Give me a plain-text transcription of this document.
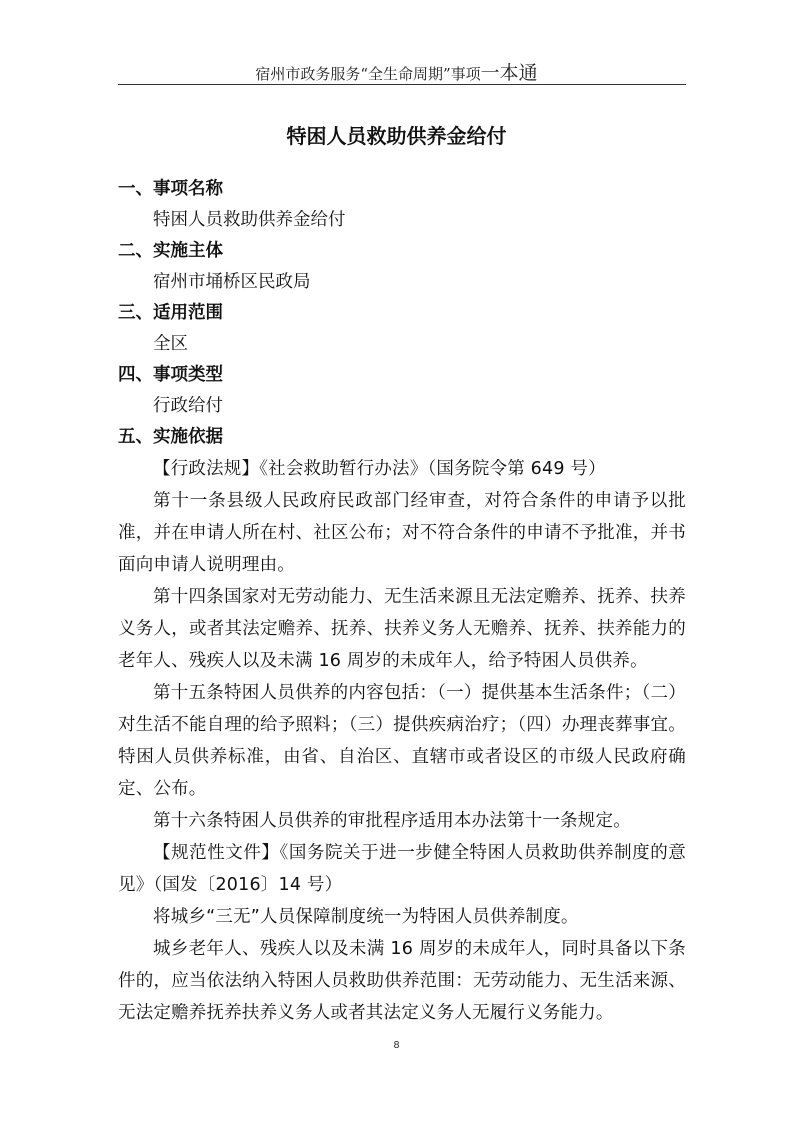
宿州市政务服务“全生命周期”事项一本通
特困人员救助供养金给付
一、事项名称
特困人员救助供养金给付
二、实施主体
宿州市埇桥区民政局
三、适用范围
全区
四、事项类型
行政给付
五、实施依据

【行政法规】《社会救助暂行办法》（国务院令第 649 号）

第十一条县级人民政府民政部门经审查，对符合条件的申请予以批准，并在申请人所在村、社区公布；对不符合条件的申请不予批准，并书面向申请人说明理由。

第十四条国家对无劳动能力、无生活来源且无法定赡养、抚养、扶养义务人，或者其法定赡养、抚养、扶养义务人无赡养、抚养、扶养能力的老年人、残疾人以及未满 16 周岁的未成年人，给予特困人员供养。

第十五条特困人员供养的内容包括：（一）提供基本生活条件；（二）对生活不能自理的给予照料；（三）提供疾病治疗；（四）办理丧葬事宜。特困人员供养标准，由省、自治区、直辖市或者设区的市级人民政府确定、公布。

第十六条特困人员供养的审批程序适用本办法第十一条规定。

【规范性文件】《国务院关于进一步健全特困人员救助供养制度的意见》（国发〔2016〕14 号）

将城乡“三无”人员保障制度统一为特困人员供养制度。

城乡老年人、残疾人以及未满 16 周岁的未成年人，同时具备以下条件的，应当依法纳入特困人员救助供养范围：无劳动能力、无生活来源、无法定赡养抚养扶养义务人或者其法定义务人无履行义务能力。

8
